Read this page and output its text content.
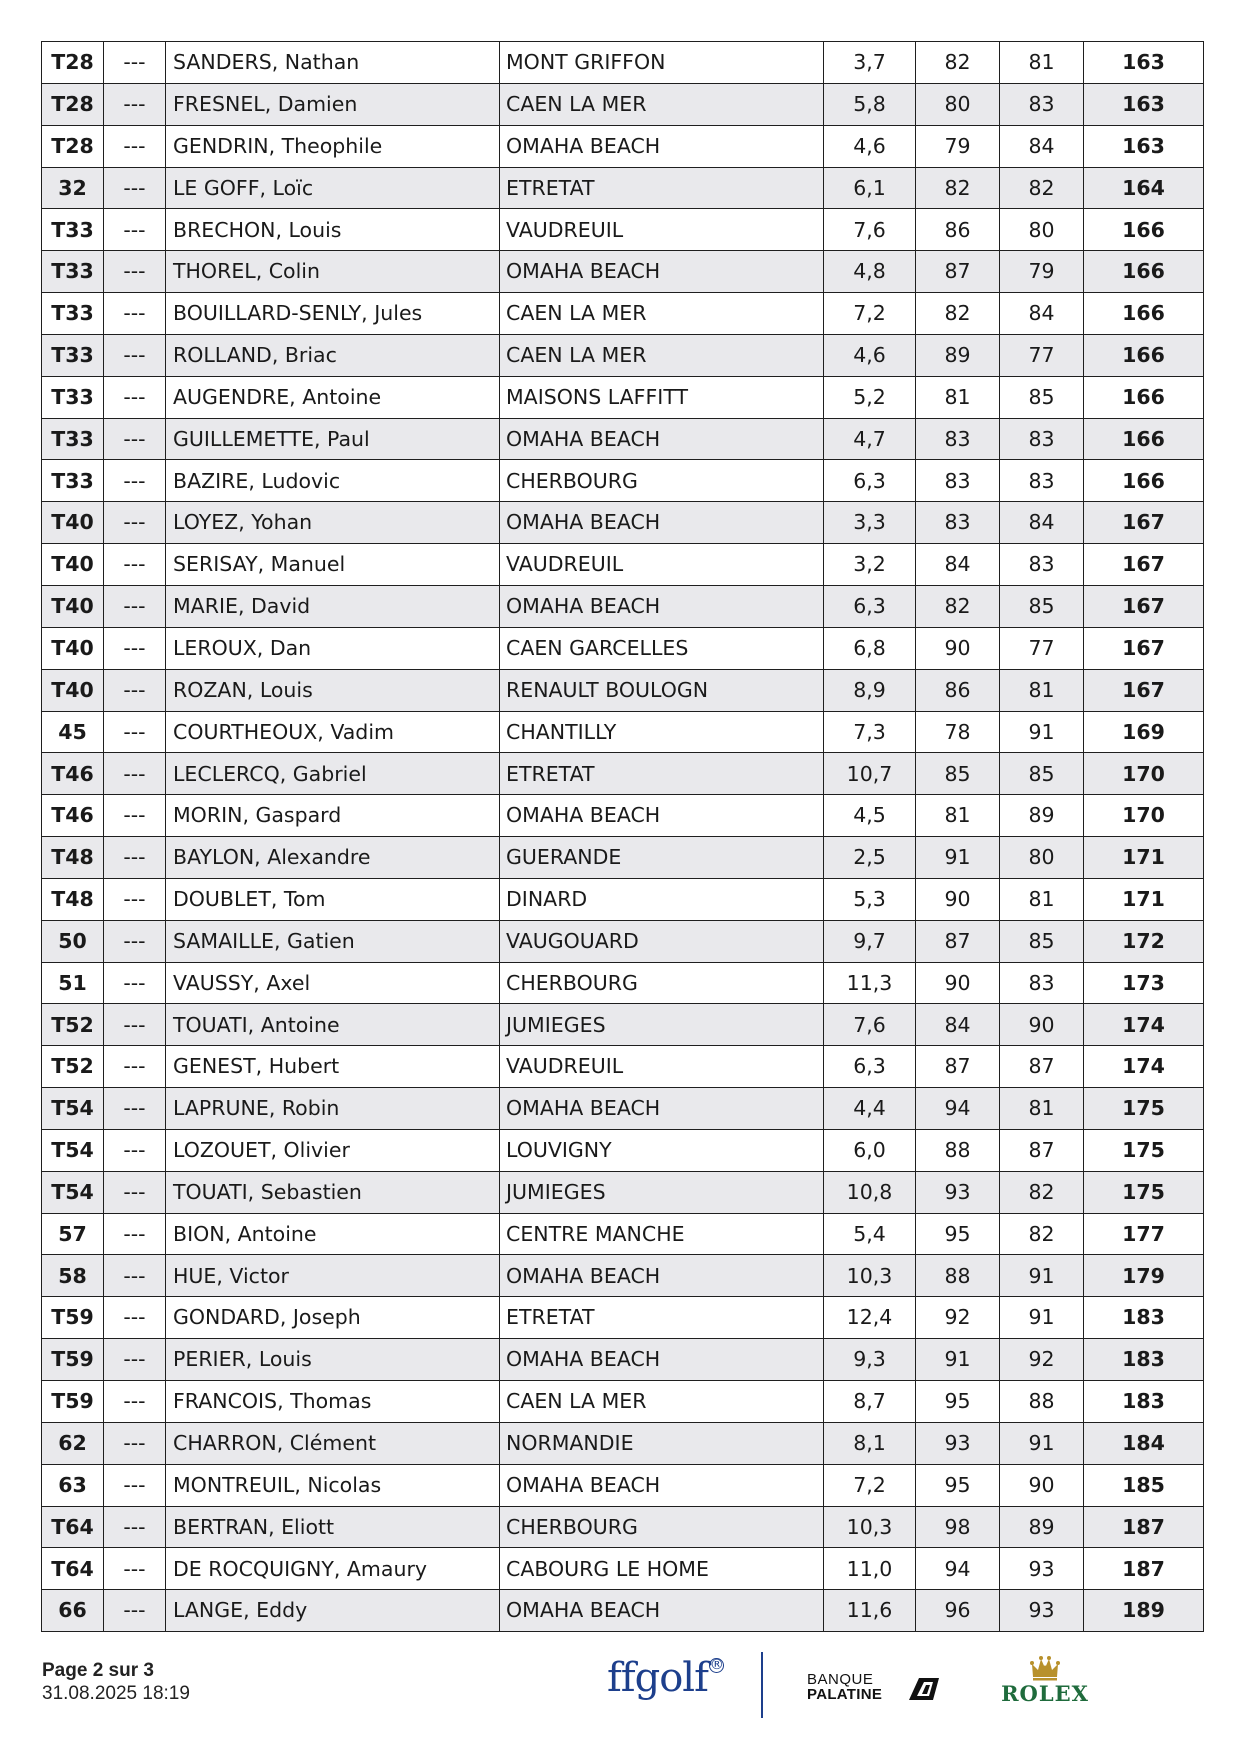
T28	---	SANDERS, Nathan	MONT GRIFFON	3,7	82	81	163
T28	---	FRESNEL, Damien	CAEN LA MER	5,8	80	83	163
T28	---	GENDRIN, Theophile	OMAHA BEACH	4,6	79	84	163
32	---	LE GOFF, Loïc	ETRETAT	6,1	82	82	164
T33	---	BRECHON, Louis	VAUDREUIL	7,6	86	80	166
T33	---	THOREL, Colin	OMAHA BEACH	4,8	87	79	166
T33	---	BOUILLARD-SENLY, Jules	CAEN LA MER	7,2	82	84	166
T33	---	ROLLAND, Briac	CAEN LA MER	4,6	89	77	166
T33	---	AUGENDRE, Antoine	MAISONS LAFFITT	5,2	81	85	166
T33	---	GUILLEMETTE, Paul	OMAHA BEACH	4,7	83	83	166
T33	---	BAZIRE, Ludovic	CHERBOURG	6,3	83	83	166
T40	---	LOYEZ, Yohan	OMAHA BEACH	3,3	83	84	167
T40	---	SERISAY, Manuel	VAUDREUIL	3,2	84	83	167
T40	---	MARIE, David	OMAHA BEACH	6,3	82	85	167
T40	---	LEROUX, Dan	CAEN GARCELLES	6,8	90	77	167
T40	---	ROZAN, Louis	RENAULT BOULOGN	8,9	86	81	167
45	---	COURTHEOUX, Vadim	CHANTILLY	7,3	78	91	169
T46	---	LECLERCQ, Gabriel	ETRETAT	10,7	85	85	170
T46	---	MORIN, Gaspard	OMAHA BEACH	4,5	81	89	170
T48	---	BAYLON, Alexandre	GUERANDE	2,5	91	80	171
T48	---	DOUBLET, Tom	DINARD	5,3	90	81	171
50	---	SAMAILLE, Gatien	VAUGOUARD	9,7	87	85	172
51	---	VAUSSY, Axel	CHERBOURG	11,3	90	83	173
T52	---	TOUATI, Antoine	JUMIEGES	7,6	84	90	174
T52	---	GENEST, Hubert	VAUDREUIL	6,3	87	87	174
T54	---	LAPRUNE, Robin	OMAHA BEACH	4,4	94	81	175
T54	---	LOZOUET, Olivier	LOUVIGNY	6,0	88	87	175
T54	---	TOUATI, Sebastien	JUMIEGES	10,8	93	82	175
57	---	BION, Antoine	CENTRE MANCHE	5,4	95	82	177
58	---	HUE, Victor	OMAHA BEACH	10,3	88	91	179
T59	---	GONDARD, Joseph	ETRETAT	12,4	92	91	183
T59	---	PERIER, Louis	OMAHA BEACH	9,3	91	92	183
T59	---	FRANCOIS, Thomas	CAEN LA MER	8,7	95	88	183
62	---	CHARRON, Clément	NORMANDIE	8,1	93	91	184
63	---	MONTREUIL, Nicolas	OMAHA BEACH	7,2	95	90	185
T64	---	BERTRAN, Eliott	CHERBOURG	10,3	98	89	187
T64	---	DE ROCQUIGNY, Amaury	CABOURG LE HOME	11,0	94	93	187
66	---	LANGE, Eddy	OMAHA BEACH	11,6	96	93	189
Page 2 sur 3
31.08.2025 18:19	ffgolf ®
BANQUE
PALATINE	ROLEX
